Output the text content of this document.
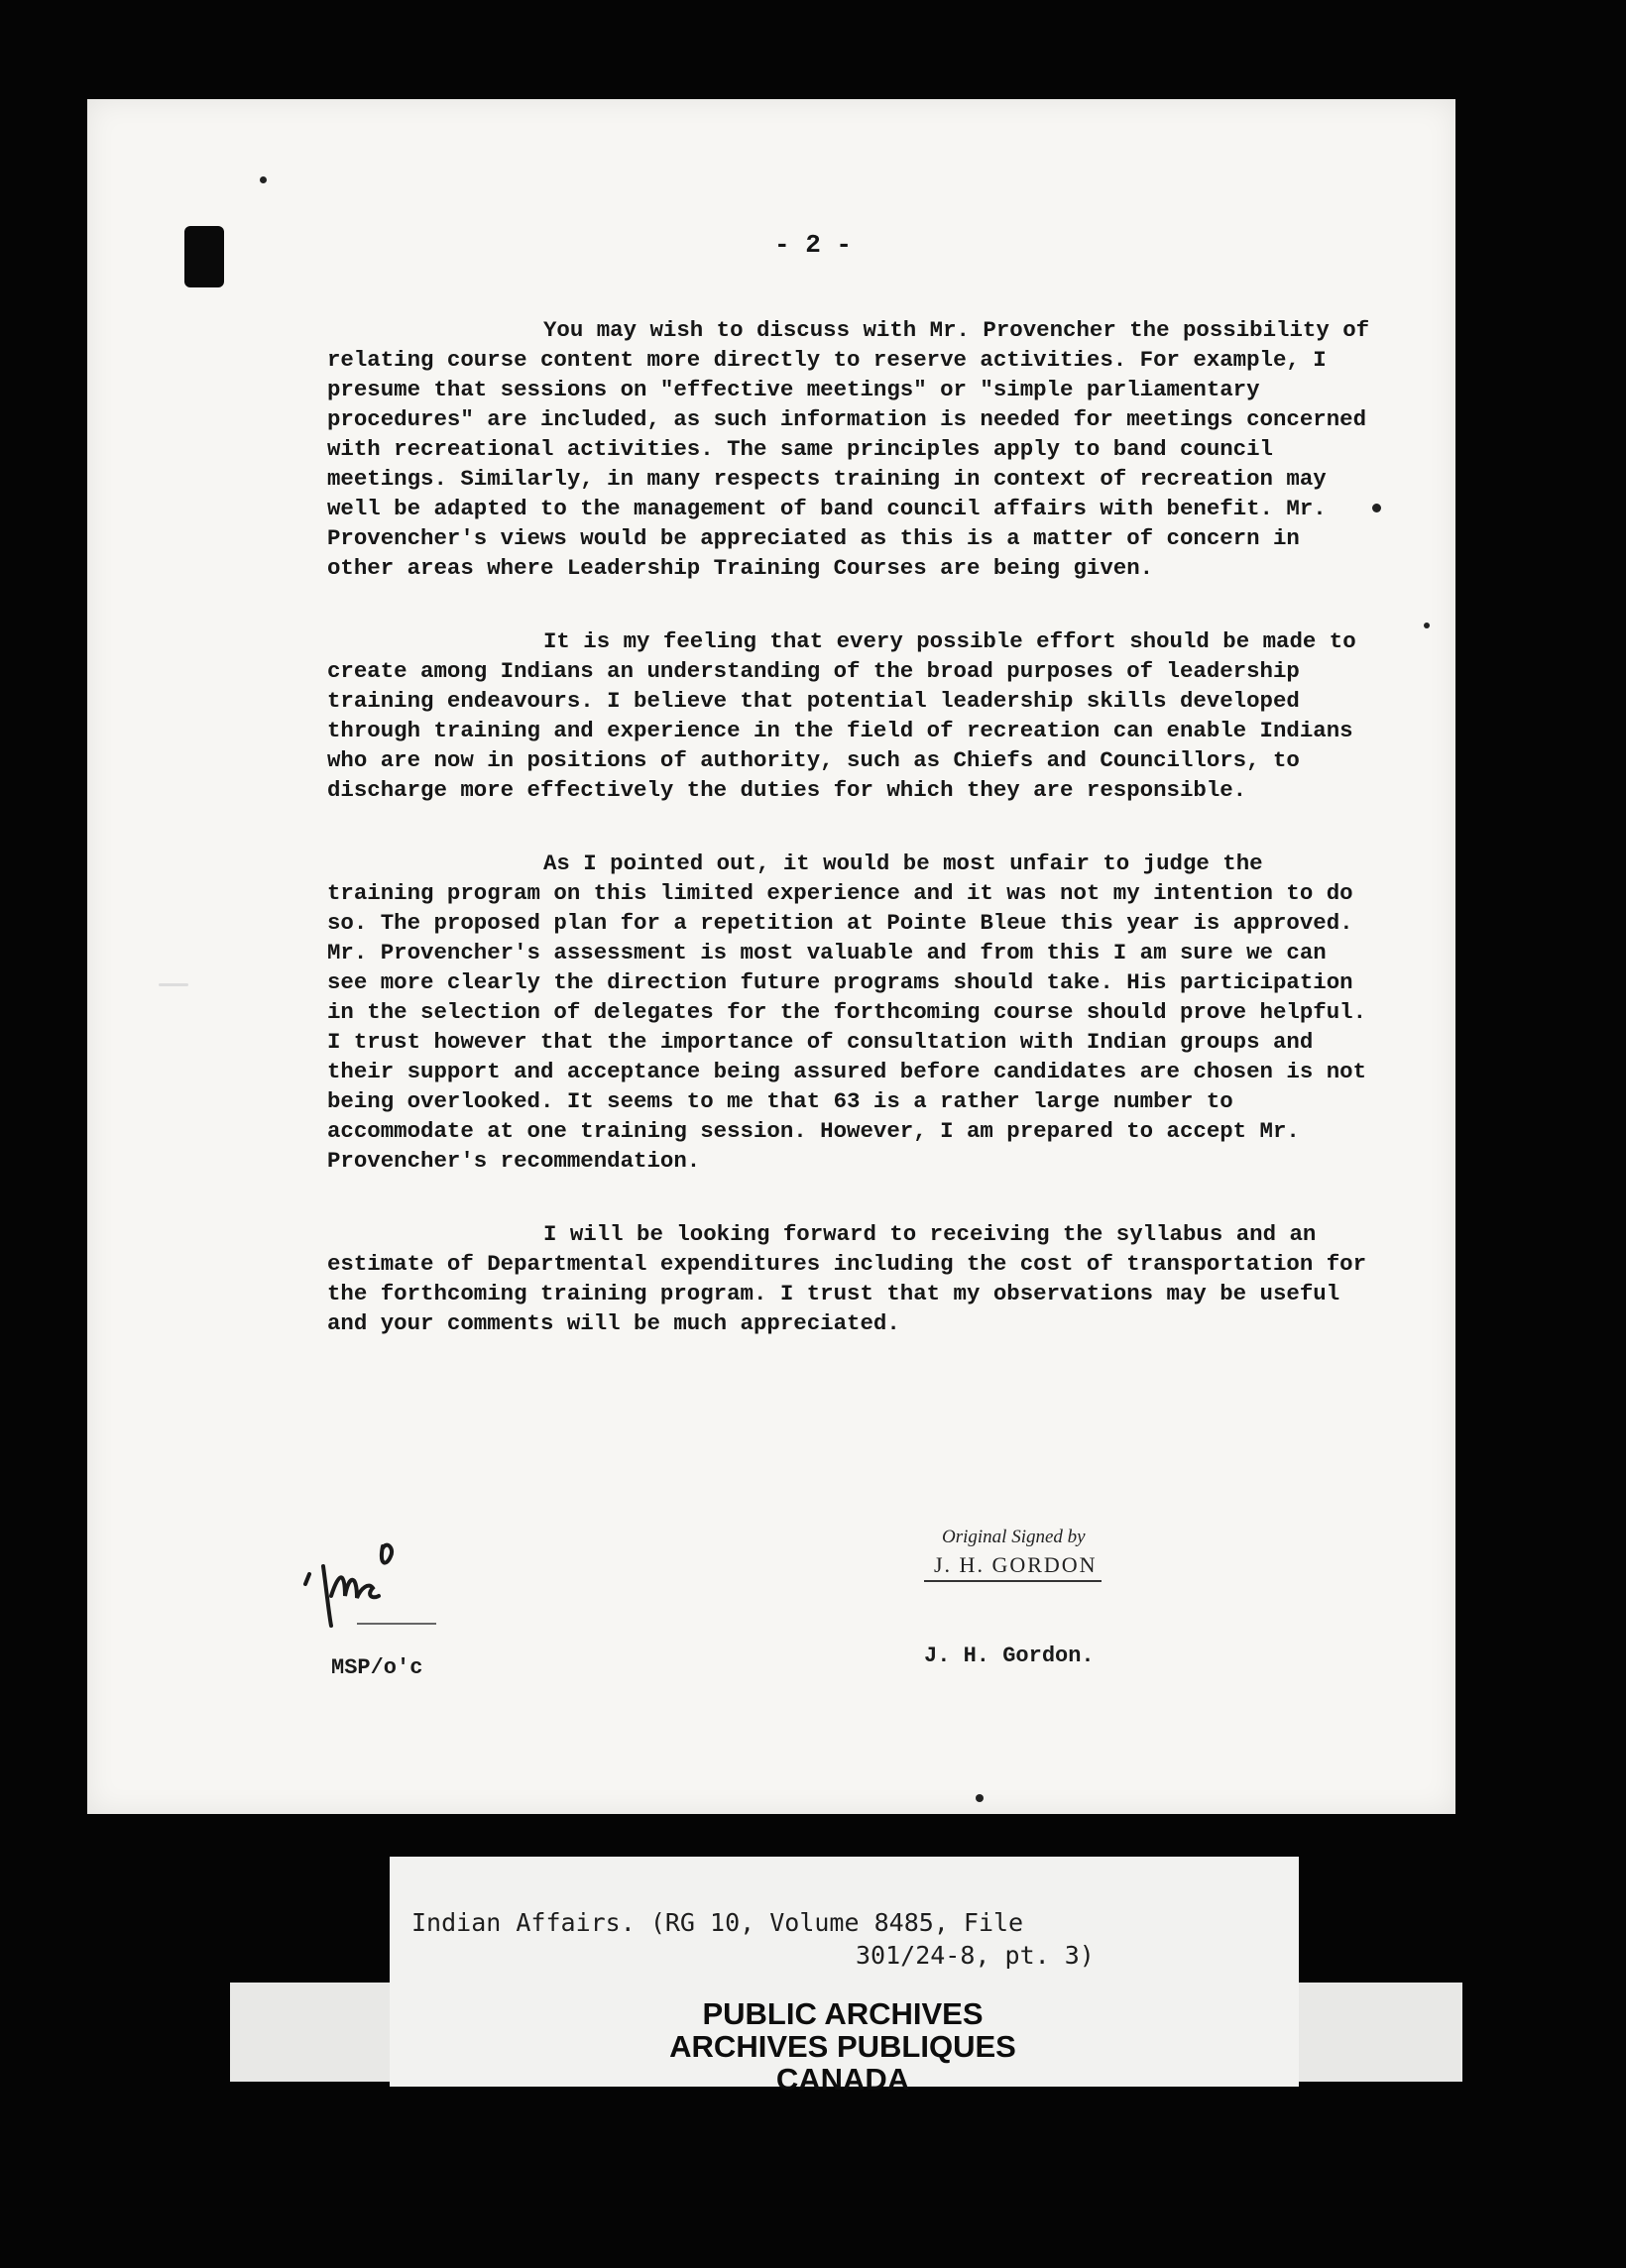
- 2 -

You may wish to discuss with Mr. Provencher the possibility of relating course content more directly to reserve activities. For example, I presume that sessions on "effective meetings" or "simple parliamentary procedures" are included, as such information is needed for meetings concerned with recreational activities. The same principles apply to band council meetings. Similarly, in many respects training in context of recreation may well be adapted to the management of band council affairs with benefit. Mr. Provencher's views would be appreciated as this is a matter of concern in other areas where Leadership Training Courses are being given.

It is my feeling that every possible effort should be made to create among Indians an understanding of the broad purposes of leadership training endeavours. I believe that potential leadership skills developed through training and experience in the field of recreation can enable Indians who are now in positions of authority, such as Chiefs and Councillors, to discharge more effectively the duties for which they are responsible.

As I pointed out, it would be most unfair to judge the training program on this limited experience and it was not my intention to do so. The proposed plan for a repetition at Pointe Bleue this year is approved. Mr. Provencher's assessment is most valuable and from this I am sure we can see more clearly the direction future programs should take. His participation in the selection of delegates for the forthcoming course should prove helpful. I trust however that the importance of consultation with Indian groups and their support and acceptance being assured before candidates are chosen is not being overlooked. It seems to me that 63 is a rather large number to accommodate at one training session. However, I am prepared to accept Mr. Provencher's recommendation.

I will be looking forward to receiving the syllabus and an estimate of Departmental expenditures including the cost of transportation for the forthcoming training program. I trust that my observations may be useful and your comments will be much appreciated.

MSP	Original Signed by
J. H. GORDON
J. H. Gordon.
MSP/o'c
Indian Affairs. (RG 10, Volume 8485, File
301/24-8, pt. 3)
PUBLIC ARCHIVES
ARCHIVES PUBLIQUES
CANADA
